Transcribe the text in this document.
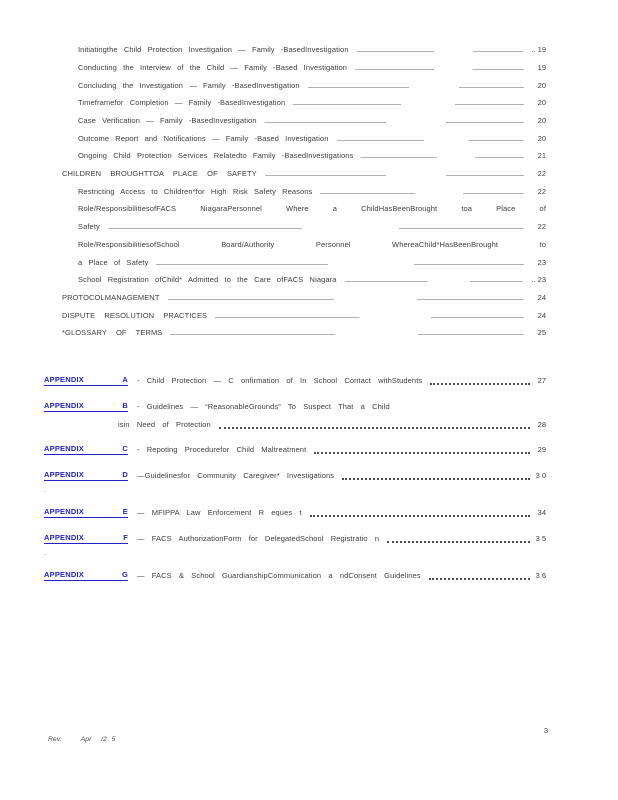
Initiatingthe Child Protection Investigation — Family -BasedInvestigation	.. 19
Conducting the Interview of the Child — Family -Based Investigation	19
Concluding the Investigation — Family -BasedInvestigation	20
Timeframefor Completion — Family -BasedInvestigation	20
Case Verification — Family -BasedInvestigation	20
Outcome Report and Notifications — Family -Based Investigation	20
Ongoing Child Protection Services Relatedto Family -BasedInvestigations	21
CHILDREN BROUGHTTOA PLACE OF SAFETY	22
Restricting Access to Children*for High Risk Safety Reasons	22
Role/ResponsibilitiesofFACS NiagaraPersonnel Where a ChildHasBeenBrought toa Place of
Safety	22
Role/ResponsibilitiesofSchool Board/Authority Personnel WhereaChild*HasBeenBrought to
a Place of Safety	23
School Registration ofChild* Admitted to the Care ofFACS Niagara	.. 23
PROTOCOLMANAGEMENT	24
DISPUTE RESOLUTION PRACTICES	24
*GLOSSARY OF TERMS	25
APPENDIX	A - Child Protection — C onfirmation of In School Contact withStudents	27
APPENDIX	B - Guidelines — “ReasonableGrounds” To Suspect That a Child
isin Need of Protection	28
APPENDIX	C - Repoting Procedurefor Child Maltreatment	29
APPENDIX	D —Guidelinesfor Community Caregiver* Investigations	3 0
.
APPENDIX	E — MFIPPA Law Enforcement R eques t	34
APPENDIX	F — FACS AuthorizationForm for DelegatedSchool Registratio n	3 5
.
APPENDIX	G — FACS & School GuardianshipCommunication a ndConsent Guidelines	3 6
Rev.    Apr  /2 5
3
